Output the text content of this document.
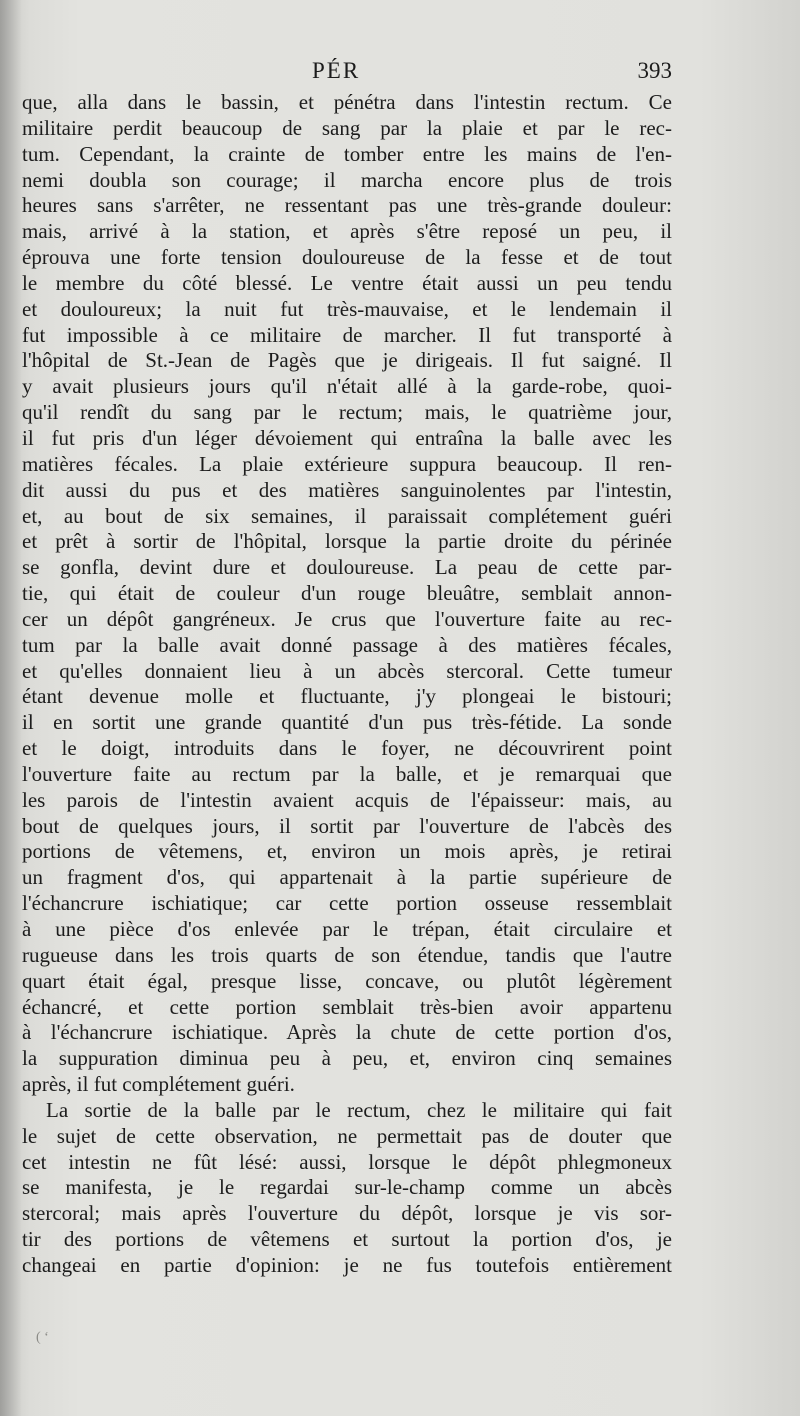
PÉR	393
que, alla dans le bassin, et pénétra dans l'intestin rectum. Ce
militaire perdit beaucoup de sang par la plaie et par le rec-
tum. Cependant, la crainte de tomber entre les mains de l'en-
nemi doubla son courage; il marcha encore plus de trois
heures sans s'arrêter, ne ressentant pas une très-grande douleur:
mais, arrivé à la station, et après s'être reposé un peu, il
éprouva une forte tension douloureuse de la fesse et de tout
le membre du côté blessé. Le ventre était aussi un peu tendu
et douloureux; la nuit fut très-mauvaise, et le lendemain il
fut impossible à ce militaire de marcher. Il fut transporté à
l'hôpital de St.-Jean de Pagès que je dirigeais. Il fut saigné. Il
y avait plusieurs jours qu'il n'était allé à la garde-robe, quoi-
qu'il rendît du sang par le rectum; mais, le quatrième jour,
il fut pris d'un léger dévoiement qui entraîna la balle avec les
matières fécales. La plaie extérieure suppura beaucoup. Il ren-
dit aussi du pus et des matières sanguinolentes par l'intestin,
et, au bout de six semaines, il paraissait complétement guéri
et prêt à sortir de l'hôpital, lorsque la partie droite du périnée
se gonfla, devint dure et douloureuse. La peau de cette par-
tie, qui était de couleur d'un rouge bleuâtre, semblait annon-
cer un dépôt gangréneux. Je crus que l'ouverture faite au rec-
tum par la balle avait donné passage à des matières fécales,
et qu'elles donnaient lieu à un abcès stercoral. Cette tumeur
étant devenue molle et fluctuante, j'y plongeai le bistouri;
il en sortit une grande quantité d'un pus très-fétide. La sonde
et le doigt, introduits dans le foyer, ne découvrirent point
l'ouverture faite au rectum par la balle, et je remarquai que
les parois de l'intestin avaient acquis de l'épaisseur: mais, au
bout de quelques jours, il sortit par l'ouverture de l'abcès des
portions de vêtemens, et, environ un mois après, je retirai
un fragment d'os, qui appartenait à la partie supérieure de
l'échancrure ischiatique; car cette portion osseuse ressemblait
à une pièce d'os enlevée par le trépan, était circulaire et
rugueuse dans les trois quarts de son étendue, tandis que l'autre
quart était égal, presque lisse, concave, ou plutôt légèrement
échancré, et cette portion semblait très-bien avoir appartenu
à l'échancrure ischiatique. Après la chute de cette portion d'os,
la suppuration diminua peu à peu, et, environ cinq semaines
après, il fut complétement guéri.
La sortie de la balle par le rectum, chez le militaire qui fait
le sujet de cette observation, ne permettait pas de douter que
cet intestin ne fût lésé: aussi, lorsque le dépôt phlegmoneux
se manifesta, je le regardai sur-le-champ comme un abcès
stercoral; mais après l'ouverture du dépôt, lorsque je vis sor-
tir des portions de vêtemens et surtout la portion d'os, je
changeai en partie d'opinion: je ne fus toutefois entièrement
( ‘
